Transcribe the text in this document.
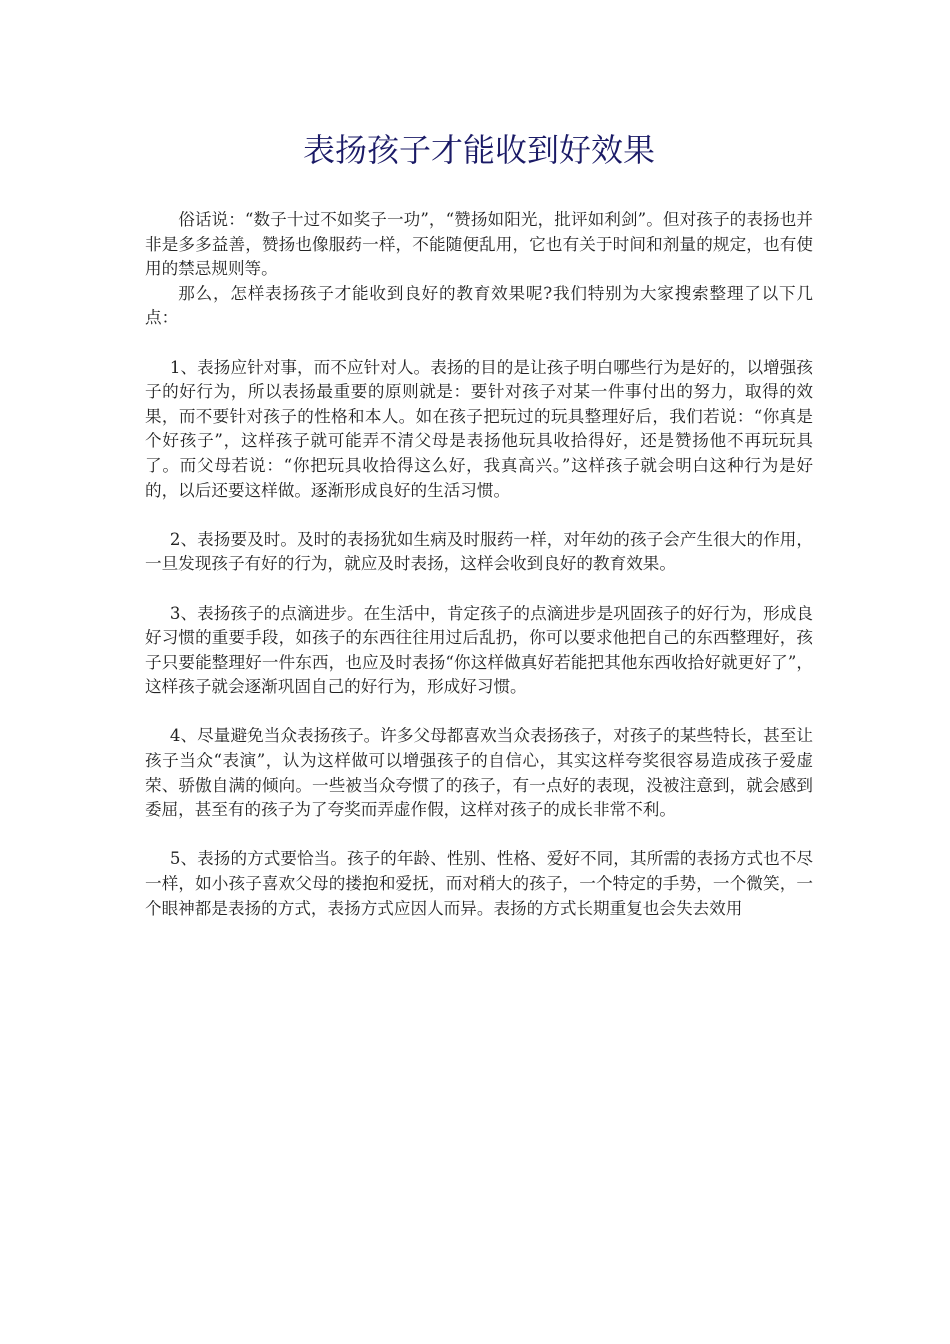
表扬孩子才能收到好效果

俗话说：“数子十过不如奖子一功”，“赞扬如阳光，批评如利剑”。但对孩子的表扬也并非是多多益善，赞扬也像服药一样，不能随便乱用，它也有关于时间和剂量的规定，也有使用的禁忌规则等。

那么，怎样表扬孩子才能收到良好的教育效果呢?我们特别为大家搜索整理了以下几点：

1、表扬应针对事，而不应针对人。表扬的目的是让孩子明白哪些行为是好的，以增强孩子的好行为，所以表扬最重要的原则就是：要针对孩子对某一件事付出的努力，取得的效果，而不要针对孩子的性格和本人。如在孩子把玩过的玩具整理好后，我们若说：“你真是个好孩子”，这样孩子就可能弄不清父母是表扬他玩具收拾得好，还是赞扬他不再玩玩具了。而父母若说：“你把玩具收拾得这么好，我真高兴。”这样孩子就会明白这种行为是好的，以后还要这样做。逐渐形成良好的生活习惯。

2、表扬要及时。及时的表扬犹如生病及时服药一样，对年幼的孩子会产生很大的作用，一旦发现孩子有好的行为，就应及时表扬，这样会收到良好的教育效果。

3、表扬孩子的点滴进步。在生活中，肯定孩子的点滴进步是巩固孩子的好行为，形成良好习惯的重要手段，如孩子的东西往往用过后乱扔，你可以要求他把自己的东西整理好，孩子只要能整理好一件东西，也应及时表扬“你这样做真好若能把其他东西收拾好就更好了”，这样孩子就会逐渐巩固自己的好行为，形成好习惯。

4、尽量避免当众表扬孩子。许多父母都喜欢当众表扬孩子，对孩子的某些特长，甚至让孩子当众“表演”，认为这样做可以增强孩子的自信心，其实这样夸奖很容易造成孩子爱虚荣、骄傲自满的倾向。一些被当众夸惯了的孩子，有一点好的表现，没被注意到，就会感到委屈，甚至有的孩子为了夸奖而弄虚作假，这样对孩子的成长非常不利。

5、表扬的方式要恰当。孩子的年龄、性别、性格、爱好不同，其所需的表扬方式也不尽一样，如小孩子喜欢父母的搂抱和爱抚，而对稍大的孩子，一个特定的手势，一个微笑，一个眼神都是表扬的方式，表扬方式应因人而异。表扬的方式长期重复也会失去效用
